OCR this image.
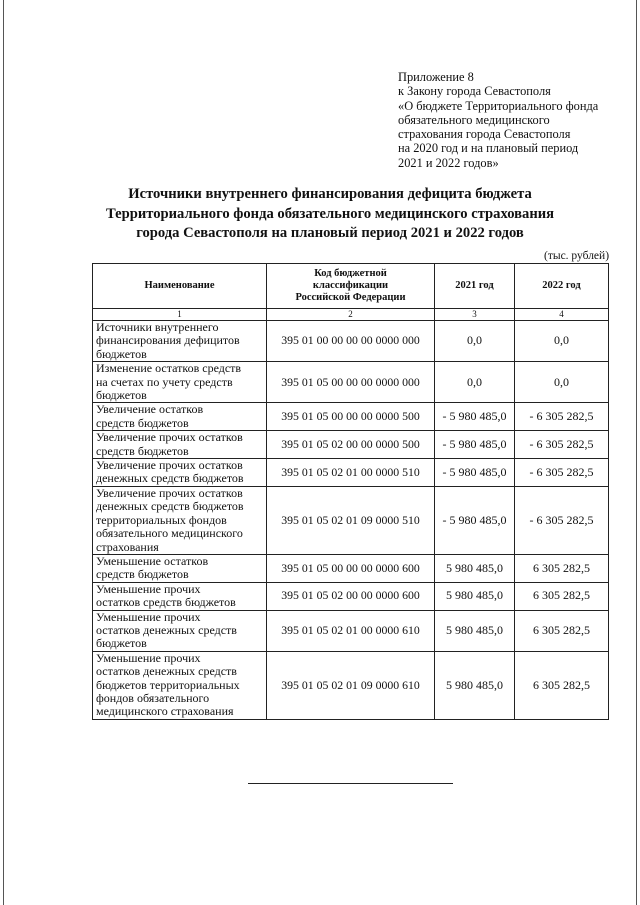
Приложение 8
к Закону города Севастополя
«О бюджете Территориального фонда
обязательного медицинского
страхования города Севастополя
на 2020 год и на плановый период
2021 и 2022 годов»
Источники внутреннего финансирования дефицита бюджета
Территориального фонда обязательного медицинского страхования
города Севастополя на плановый период 2021 и 2022 годов
(тыс. рублей)
Наименование	Код бюджетной
классификации
Российской Федерации	2021 год	2022 год
1	2	3	4

Источники внутреннего
финансирования дефицитов
бюджетов	395 01 00 00 00 00 0000 000	0,0	0,0

Изменение остатков средств
на счетах по учету средств
бюджетов	395 01 05 00 00 00 0000 000	0,0	0,0

Увеличение остатков
средств бюджетов	395 01 05 00 00 00 0000 500	- 5 980 485,0	- 6 305 282,5

Увеличение прочих остатков
средств бюджетов	395 01 05 02 00 00 0000 500	- 5 980 485,0	- 6 305 282,5

Увеличение прочих остатков
денежных средств бюджетов	395 01 05 02 01 00 0000 510	- 5 980 485,0	- 6 305 282,5

Увеличение прочих остатков
денежных средств бюджетов
территориальных фондов
обязательного медицинского
страхования	395 01 05 02 01 09 0000 510	- 5 980 485,0	- 6 305 282,5

Уменьшение остатков
средств бюджетов	395 01 05 00 00 00 0000 600	5 980 485,0	6 305 282,5

Уменьшение прочих
остатков средств бюджетов	395 01 05 02 00 00 0000 600	5 980 485,0	6 305 282,5

Уменьшение прочих
остатков денежных средств
бюджетов	395 01 05 02 01 00 0000 610	5 980 485,0	6 305 282,5

Уменьшение прочих
остатков денежных средств
бюджетов территориальных
фондов обязательного
медицинского страхования	395 01 05 02 01 09 0000 610	5 980 485,0	6 305 282,5
